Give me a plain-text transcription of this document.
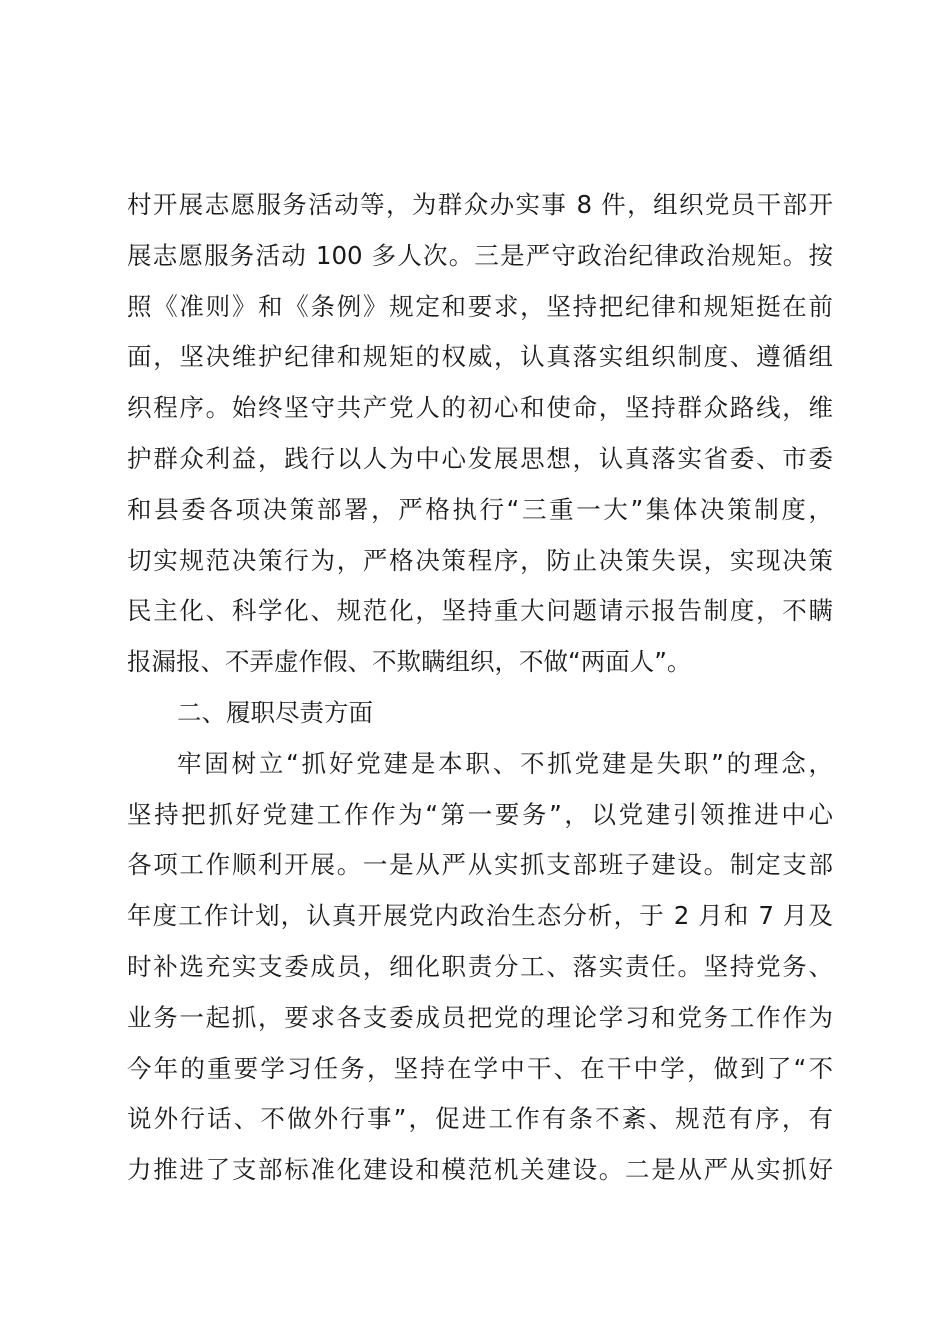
村开展志愿服务活动等，为群众办实事 8 件，组织党员干部开
展志愿服务活动 100 多人次。三是严守政治纪律政治规矩。按
照《准则》和《条例》规定和要求，坚持把纪律和规矩挺在前
面，坚决维护纪律和规矩的权威，认真落实组织制度、遵循组
织程序。始终坚守共产党人的初心和使命，坚持群众路线，维
护群众利益，践行以人为中心发展思想，认真落实省委、市委
和县委各项决策部署，严格执行“三重一大”集体决策制度，
切实规范决策行为，严格决策程序，防止决策失误，实现决策
民主化、科学化、规范化，坚持重大问题请示报告制度，不瞒
报漏报、不弄虚作假、不欺瞒组织，不做“两面人”。
二、履职尽责方面
牢固树立“抓好党建是本职、不抓党建是失职”的理念，
坚持把抓好党建工作作为“第一要务”，以党建引领推进中心
各项工作顺利开展。一是从严从实抓支部班子建设。制定支部
年度工作计划，认真开展党内政治生态分析，于 2 月和 7 月及
时补选充实支委成员，细化职责分工、落实责任。坚持党务、
业务一起抓，要求各支委成员把党的理论学习和党务工作作为
今年的重要学习任务，坚持在学中干、在干中学，做到了“不
说外行话、不做外行事”，促进工作有条不紊、规范有序，有
力推进了支部标准化建设和模范机关建设。二是从严从实抓好
